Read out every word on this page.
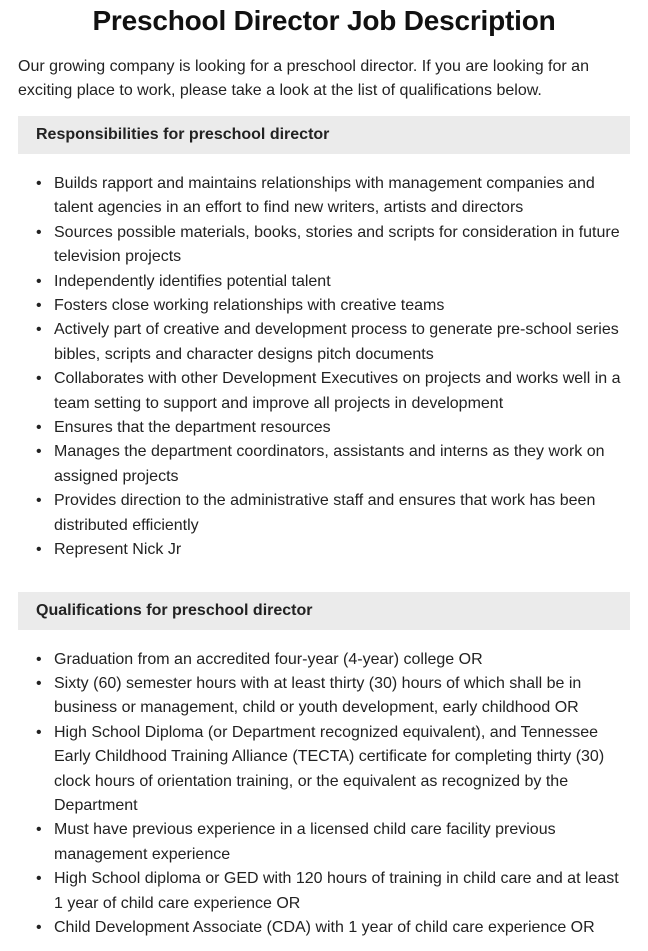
Preschool Director Job Description

Our growing company is looking for a preschool director. If you are looking for an exciting place to work, please take a look at the list of qualifications below.

Responsibilities for preschool director
• Builds rapport and maintains relationships with management companies and talent agencies in an effort to find new writers, artists and directors
• Sources possible materials, books, stories and scripts for consideration in future television projects
• Independently identifies potential talent
• Fosters close working relationships with creative teams
• Actively part of creative and development process to generate pre-school series bibles, scripts and character designs pitch documents
• Collaborates with other Development Executives on projects and works well in a team setting to support and improve all projects in development
• Ensures that the department resources
• Manages the department coordinators, assistants and interns as they work on assigned projects
• Provides direction to the administrative staff and ensures that work has been distributed efficiently
• Represent Nick Jr
Qualifications for preschool director
• Graduation from an accredited four-year (4-year) college OR
• Sixty (60) semester hours with at least thirty (30) hours of which shall be in business or management, child or youth development, early childhood OR
• High School Diploma (or Department recognized equivalent), and Tennessee Early Childhood Training Alliance (TECTA) certificate for completing thirty (30) clock hours of orientation training, or the equivalent as recognized by the Department
• Must have previous experience in a licensed child care facility previous management experience
• High School diploma or GED with 120 hours of training in child care and at least 1 year of child care experience OR
• Child Development Associate (CDA) with 1 year of child care experience OR
